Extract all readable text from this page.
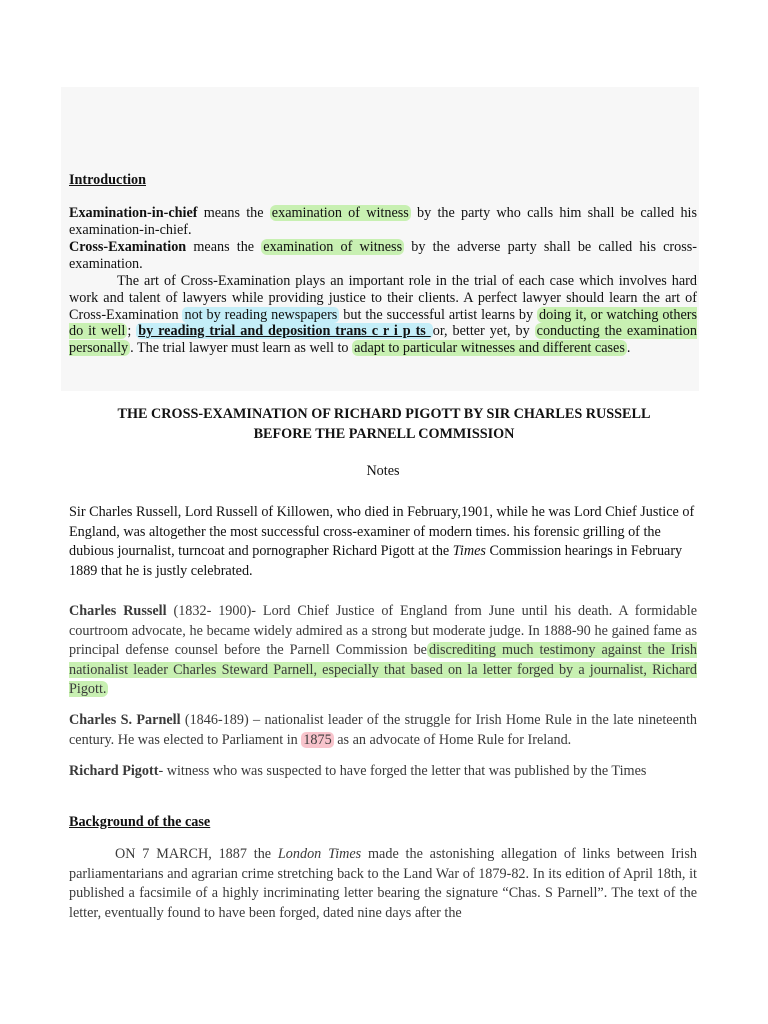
Introduction

Examination-in-chief means the examination of witness by the party who calls him shall be called his examination-in-chief.

Cross-Examination means the examination of witness by the adverse party shall be called his cross-examination.

The art of Cross-Examination plays an important role in the trial of each case which involves hard work and talent of lawyers while providing justice to their clients. A perfect lawyer should learn the art of Cross-Examination not by reading newspapers but the successful artist learns by doing it, or watching others do it well ; by reading trial and deposition trans c r i p ts or, better yet, by conducting the examination personally . The trial lawyer must learn as well to adapt to particular witnesses and different cases .

THE CROSS-EXAMINATION OF RICHARD PIGOTT BY SIR CHARLES RUSSELL

BEFORE THE PARNELL COMMISSION

Notes

Sir Charles Russell, Lord Russell of Killowen, who died in February,1901, while he was Lord Chief Justice of England, was altogether the most successful cross-examiner of modern times. his forensic grilling of the dubious journalist, turncoat and pornographer Richard Pigott at the Times Commission hearings in February 1889 that he is justly celebrated.

Charles Russell (1832- 1900)- Lord Chief Justice of England from June until his death. A formidable courtroom advocate, he became widely admired as a strong but moderate judge. In 1888-90 he gained fame as principal defense counsel before the Parnell Commission be discrediting much testimony against the Irish nationalist leader Charles Steward Parnell, especially that based on la letter forged by a journalist, Richard Pigott.

Charles S. Parnell (1846-189) – nationalist leader of the struggle for Irish Home Rule in the late nineteenth century. He was elected to Parliament in 1875 as an advocate of Home Rule for Ireland.

Richard Pigott- witness who was suspected to have forged the letter that was published by the Times

Background of the case

ON 7 MARCH, 1887 the London Times made the astonishing allegation of links between Irish parliamentarians and agrarian crime stretching back to the Land War of 1879-82. In its edition of April 18th, it published a facsimile of a highly incriminating letter bearing the signature “Chas. S Parnell”. The text of the letter, eventually found to have been forged, dated nine days after the
